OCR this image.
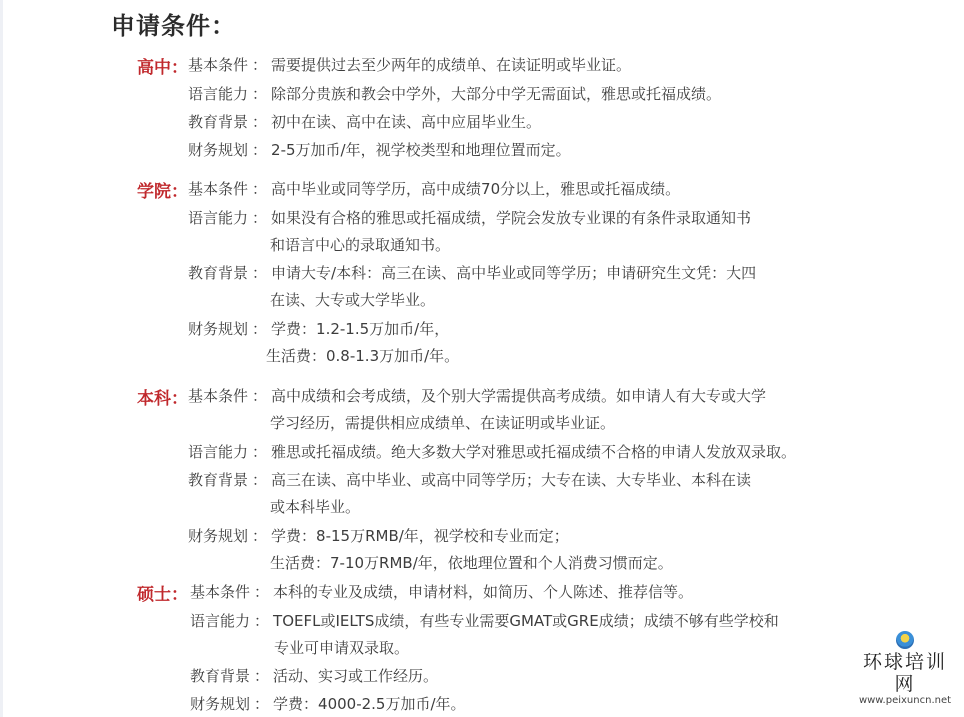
申请条件：
高中： 基本条件 ： 需要提供过去至少两年的成绩单、在读证明或毕业证。
语言能力 ： 除部分贵族和教会中学外，大部分中学无需面试，雅思或托福成绩。
教育背景 ： 初中在读、高中在读、高中应届毕业生。
财务规划 ： 2-5万加币/年，视学校类型和地理位置而定。
学院： 基本条件 ： 高中毕业或同等学历，高中成绩70分以上，雅思或托福成绩。
语言能力 ： 如果没有合格的雅思或托福成绩，学院会发放专业课的有条件录取通知书
和语言中心的录取通知书。
教育背景 ： 申请大专/本科：高三在读、高中毕业或同等学历；申请研究生文凭：大四
在读、大专或大学毕业。
财务规划 ： 学费：1.2-1.5万加币/年，
生活费：0.8-1.3万加币/年。
本科： 基本条件 ： 高中成绩和会考成绩，及个别大学需提供高考成绩。如申请人有大专或大学
学习经历，需提供相应成绩单、在读证明或毕业证。
语言能力 ： 雅思或托福成绩。绝大多数大学对雅思或托福成绩不合格的申请人发放双录取。
教育背景 ： 高三在读、高中毕业、或高中同等学历；大专在读、大专毕业、本科在读
或本科毕业。
财务规划 ： 学费：8-15万RMB/年，视学校和专业而定；
生活费：7-10万RMB/年，依地理位置和个人消费习惯而定。
硕士： 基本条件 ： 本科的专业及成绩，申请材料，如简历、个人陈述、推荐信等。
语言能力 ： TOEFL或IELTS成绩，有些专业需要GMAT或GRE成绩；成绩不够有些学校和
专业可申请双录取。
教育背景 ： 活动、实习或工作经历。
财务规划 ： 学费：4000-2.5万加币/年。
环球培训网
www.peixuncn.net
